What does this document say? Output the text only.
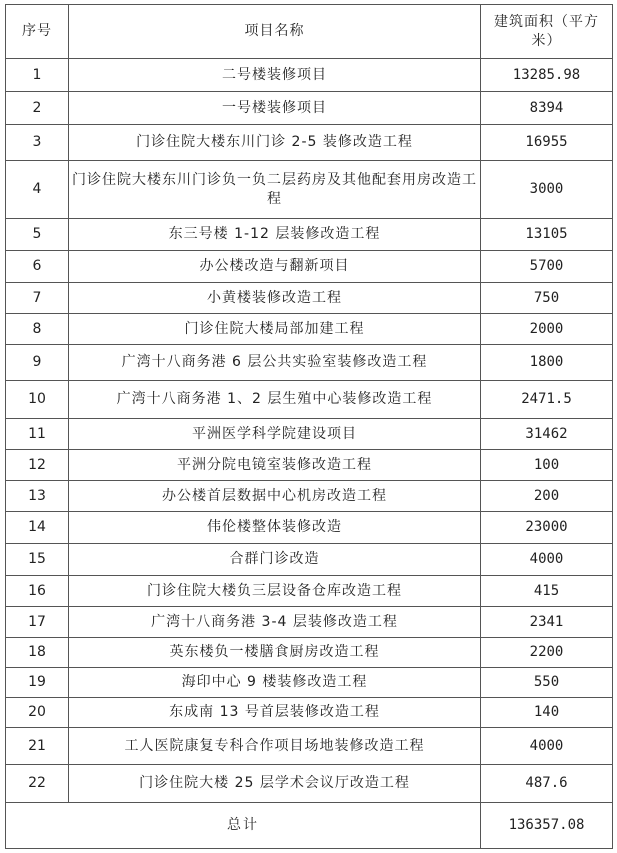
序号	项目名称	建筑面积（平方米）
1	二号楼装修项目	13285.98
2	一号楼装修项目	8394
3	门诊住院大楼东川门诊 2-5 装修改造工程	16955
4	门诊住院大楼东川门诊负一负二层药房及其他配套用房改造工程	3000
5	东三号楼 1-12 层装修改造工程	13105
6	办公楼改造与翻新项目	5700
7	小黄楼装修改造工程	750
8	门诊住院大楼局部加建工程	2000
9	广湾十八商务港 6 层公共实验室装修改造工程	1800
10	广湾十八商务港 1、2 层生殖中心装修改造工程	2471.5
11	平洲医学科学院建设项目	31462
12	平洲分院电镜室装修改造工程	100
13	办公楼首层数据中心机房改造工程	200
14	伟伦楼整体装修改造	23000
15	合群门诊改造	4000
16	门诊住院大楼负三层设备仓库改造工程	415
17	广湾十八商务港 3-4 层装修改造工程	2341
18	英东楼负一楼膳食厨房改造工程	2200
19	海印中心 9 楼装修改造工程	550
20	东成南 13 号首层装修改造工程	140
21	工人医院康复专科合作项目场地装修改造工程	4000
22	门诊住院大楼 25 层学术会议厅改造工程	487.6
总计		136357.08
